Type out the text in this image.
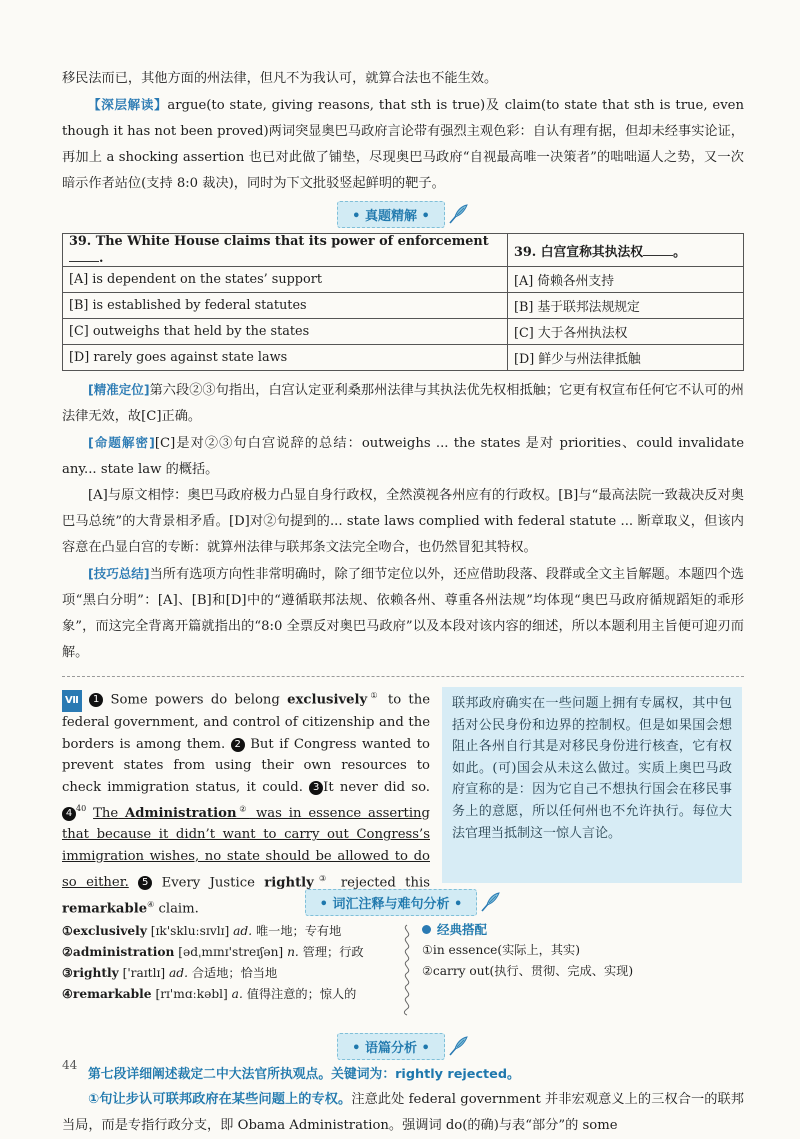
移民法而已，其他方面的州法律，但凡不为我认可，就算合法也不能生效。

【深层解读】argue(to state, giving reasons, that sth is true)及 claim(to state that sth is true, even though it has not been proved)两词突显奥巴马政府言论带有强烈主观色彩：自认有理有据，但却未经事实论证，再加上 a shocking assertion 也已对此做了铺垫，尽现奥巴马政府“自视最高唯一决策者”的咄咄逼人之势，又一次暗示作者站位(支持 8:0 裁决)，同时为下文批驳竖起鲜明的靶子。

• 真题精解 •
39. The White House claims that its power of enforcement .	39. 白宫宣称其执法权 。
[A] is dependent on the states’ support	[A] 倚赖各州支持
[B] is established by federal statutes	[B] 基于联邦法规规定
[C] outweighs that held by the states	[C] 大于各州执法权
[D] rarely goes against state laws	[D] 鲜少与州法律抵触

[精准定位]第六段②③句指出，白宫认定亚利桑那州法律与其执法优先权相抵触；它更有权宣布任何它不认可的州法律无效，故[C]正确。

[命题解密][C]是对②③句白宫说辞的总结：outweighs ... the states 是对 priorities、could invalidate any... state law 的概括。

[A]与原文相悖：奥巴马政府极力凸显自身行政权，全然漠视各州应有的行政权。[B]与“最高法院一致裁决反对奥巴马总统”的大背景相矛盾。[D]对②句提到的... state laws complied with federal statute ... 断章取义，但该内容意在凸显白宫的专断：就算州法律与联邦条文法完全吻合，也仍然冒犯其特权。

[技巧总结]当所有选项方向性非常明确时，除了细节定位以外，还应借助段落、段群或全文主旨解题。本题四个选项“黑白分明”：[A]、[B]和[D]中的“遵循联邦法规、依赖各州、尊重各州法规”均体现“奥巴马政府循规蹈矩的乖形象”，而这完全背离开篇就指出的“8:0 全票反对奥巴马政府”以及本段对该内容的细述，所以本题利用主旨便可迎刃而解。

Ⅶ 1 Some powers do belong exclusively① to the federal government, and control of citizenship and the borders is among them. 2 But if Congress wanted to prevent states from using their own resources to check immigration status, it could. 3 It never did so. 4 $^{40}$ The Administration② was in essence asserting that because it didn’t want to carry out Congress’s immigration wishes, no state should be allowed to do so either. 5 Every Justice rightly③ rejected this remarkable④ claim.
联邦政府确实在一些问题上拥有专属权，其中包括对公民身份和边界的控制权。但是如果国会想阻止各州自行其是对移民身份进行核查，它有权如此。(可)国会从未这么做过。实质上奥巴马政府宣称的是：因为它自己不想执行国会在移民事务上的意愿，所以任何州也不允许执行。每位大法官理当抵制这一惊人言论。
• 词汇注释与难句分析 •
①exclusively [ɪk'skluːsɪvlɪ] ad. 唯一地；专有地
②administration [ədˌmɪnɪ'streɪʃən] n. 管理；行政
③rightly ['raɪtlɪ] ad. 合适地；恰当地
④remarkable [rɪ'mɑːkəbl] a. 值得注意的；惊人的
经典搭配
①in essence(实际上，其实)
②carry out(执行、贯彻、完成、实现)
• 语篇分析 •

第七段详细阐述裁定二中大法官所执观点。关键词为：rightly rejected。

①句让步认可联邦政府在某些问题上的专权。注意此处 federal government 并非宏观意义上的三权合一的联邦当局，而是专指行政分支，即 Obama Administration。强调词 do(的确)与表“部分”的 some

44
